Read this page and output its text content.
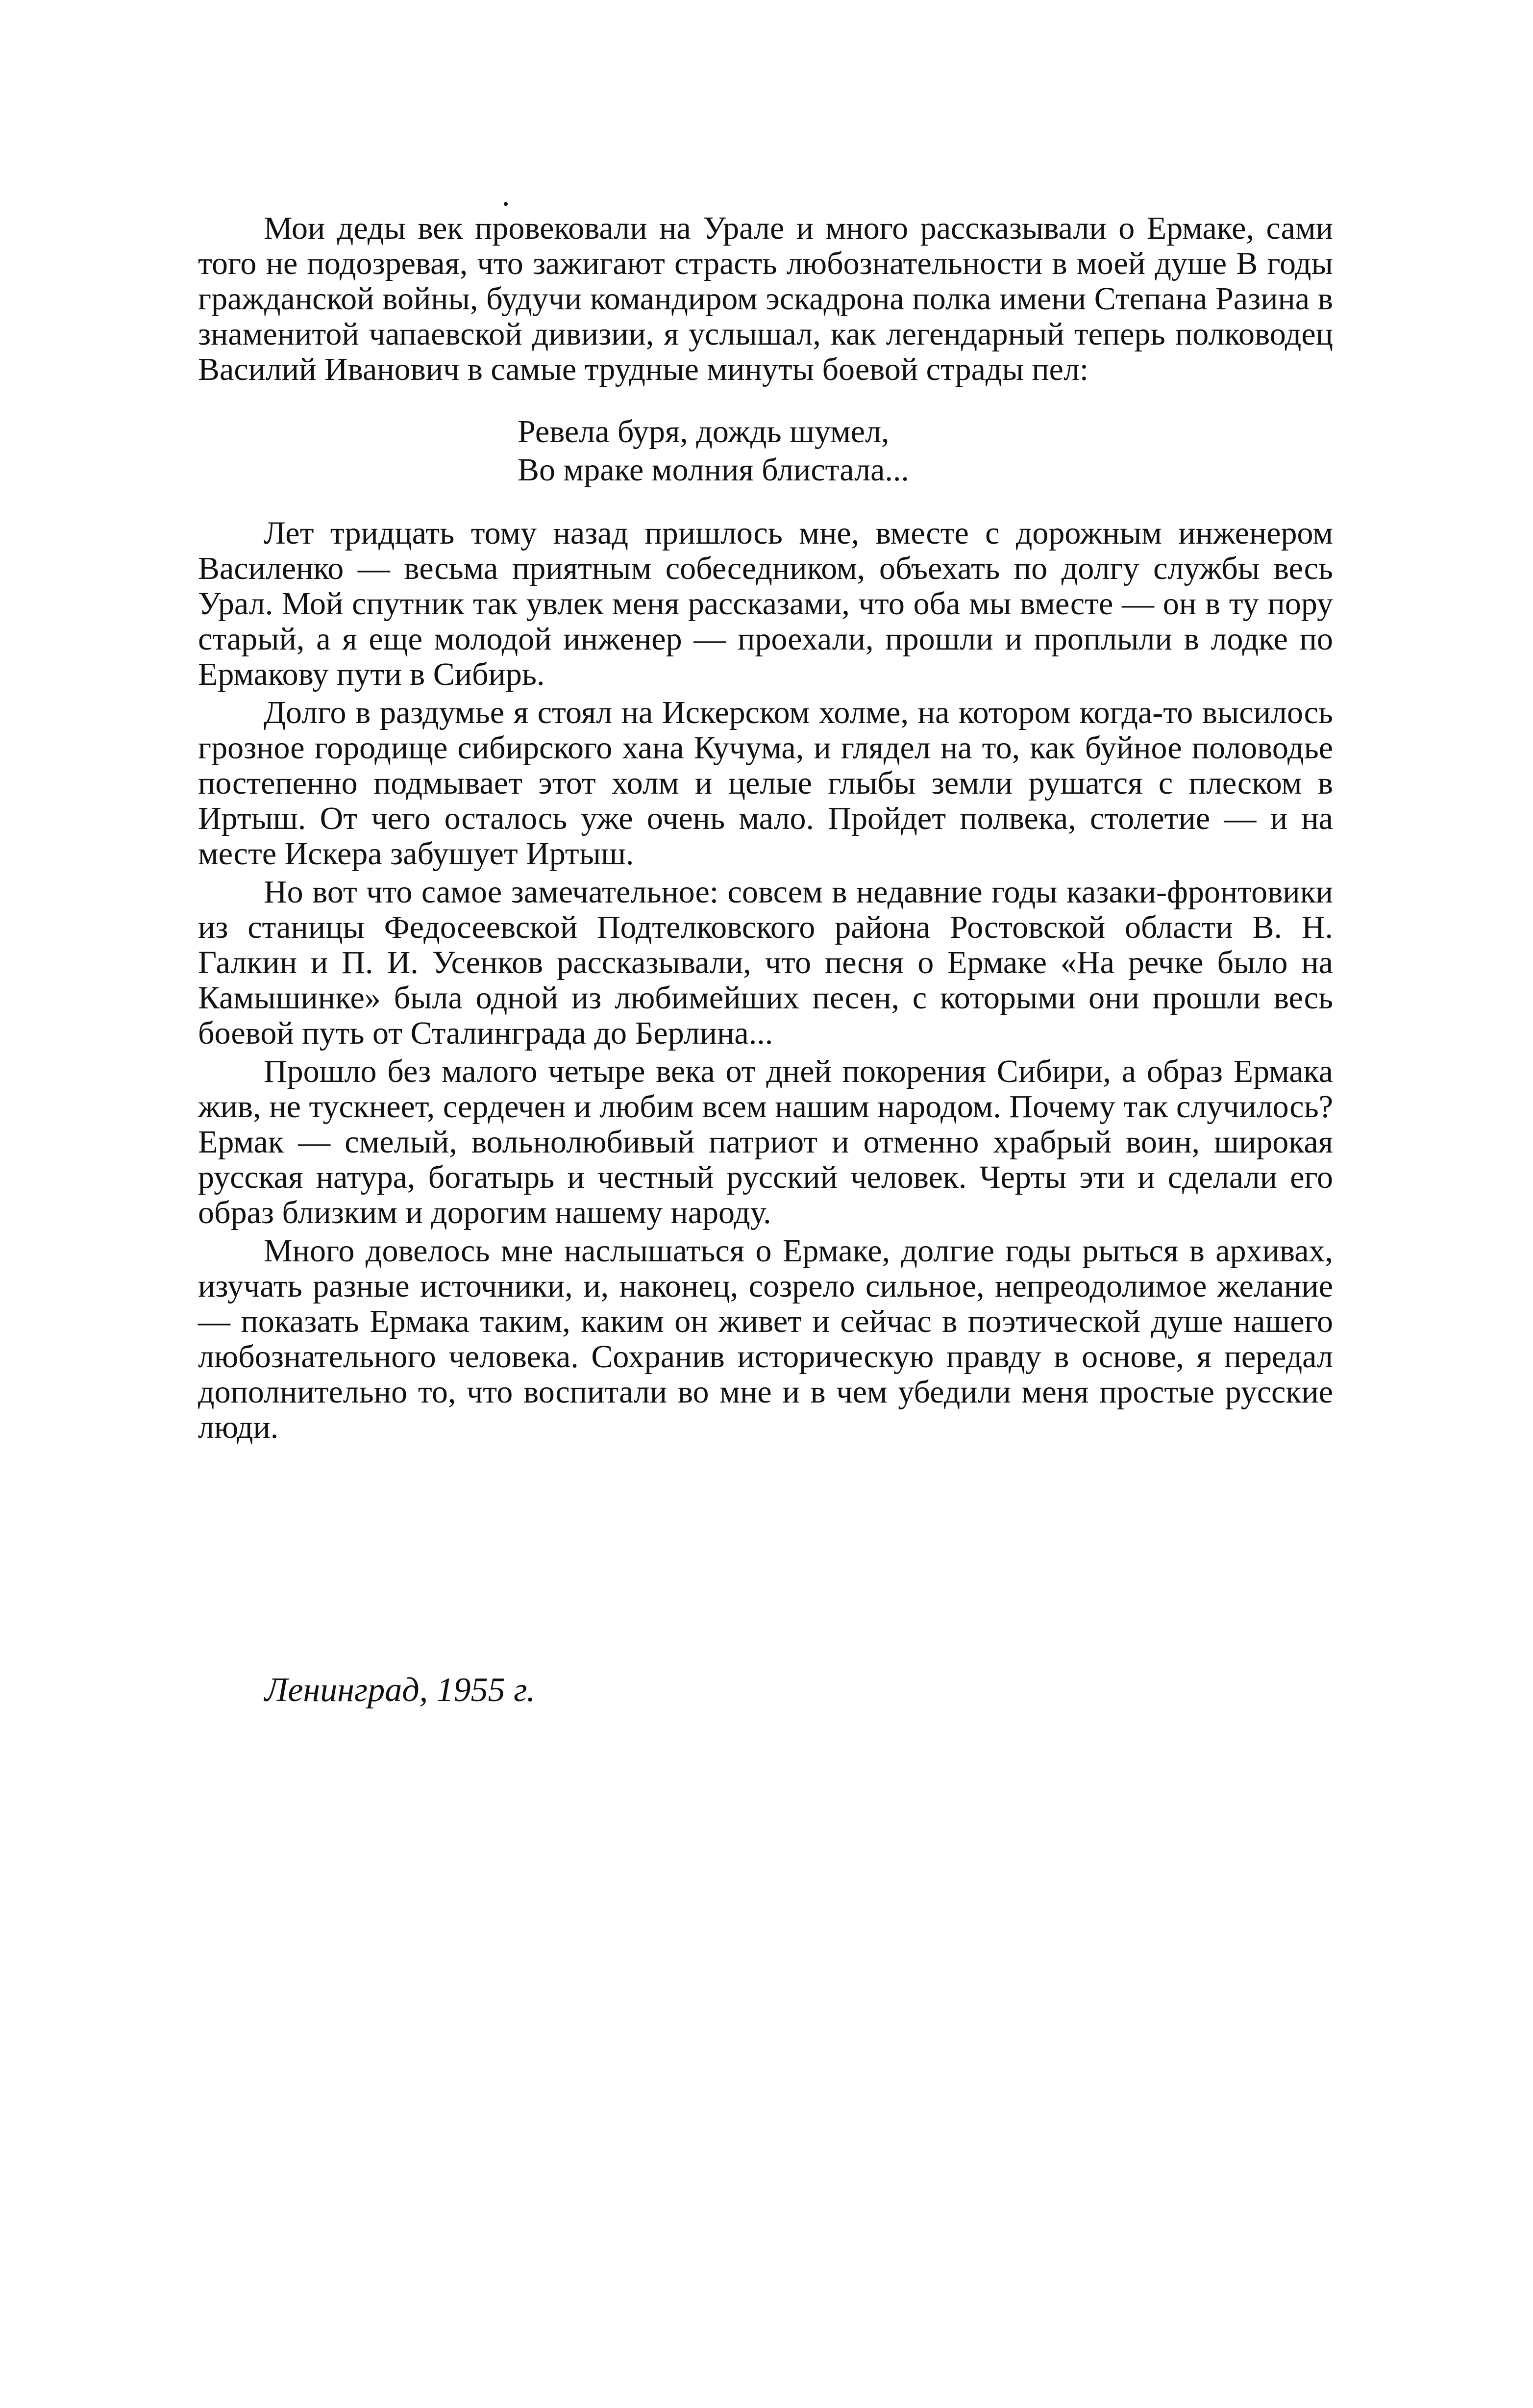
Мои деды век провековали на Урале и много рассказывали о Ермаке, сами того не подозревая, что зажигают страсть любознательности в моей душе В годы гражданской войны, будучи командиром эскадрона полка имени Степана Разина в знаменитой чапаевской дивизии, я услышал, как легендарный теперь полководец Василий Иванович в самые трудные минуты боевой страды пел:

Ревела буря, дождь шумел,
Во мраке молния блистала...

Лет тридцать тому назад пришлось мне, вместе с дорожным инженером Василенко — весьма приятным собеседником, объехать по долгу службы весь Урал. Мой спутник так увлек меня рассказами, что оба мы вместе — он в ту пору старый, а я еще молодой инженер — проехали, прошли и проплыли в лодке по Ермакову пути в Сибирь.

Долго в раздумье я стоял на Искерском холме, на котором когда-то высилось грозное городище сибирского хана Кучума, и глядел на то, как буйное половодье постепенно подмывает этот холм и целые глыбы земли рушатся с плеском в Иртыш. От чего осталось уже очень мало. Пройдет полвека, столетие — и на месте Искера забушует Иртыш.

Но вот что самое замечательное: совсем в недавние годы казаки-фронтовики из станицы Федосеевской Подтелковского района Ростовской области В. Н. Галкин и П. И. Усенков рассказывали, что песня о Ермаке «На речке было на Камышинке» была одной из любимейших песен, с которыми они прошли весь боевой путь от Сталинграда до Берлина...

Прошло без малого четыре века от дней покорения Сибири, а образ Ермака жив, не тускнеет, сердечен и любим всем нашим народом. Почему так случилось? Ермак — смелый, вольнолюбивый патриот и отменно храбрый воин, широкая русская натура, богатырь и честный русский человек. Черты эти и сделали его образ близким и дорогим нашему народу.

Много довелось мне наслышаться о Ермаке, долгие годы рыться в архивах, изучать разные источники, и, наконец, созрело сильное, непреодолимое желание — показать Ермака таким, каким он живет и сейчас в поэтической душе нашего любознательного человека. Сохранив историческую правду в основе, я передал дополнительно то, что воспитали во мне и в чем убедили меня простые русские люди.

Ленинград, 1955 г.
